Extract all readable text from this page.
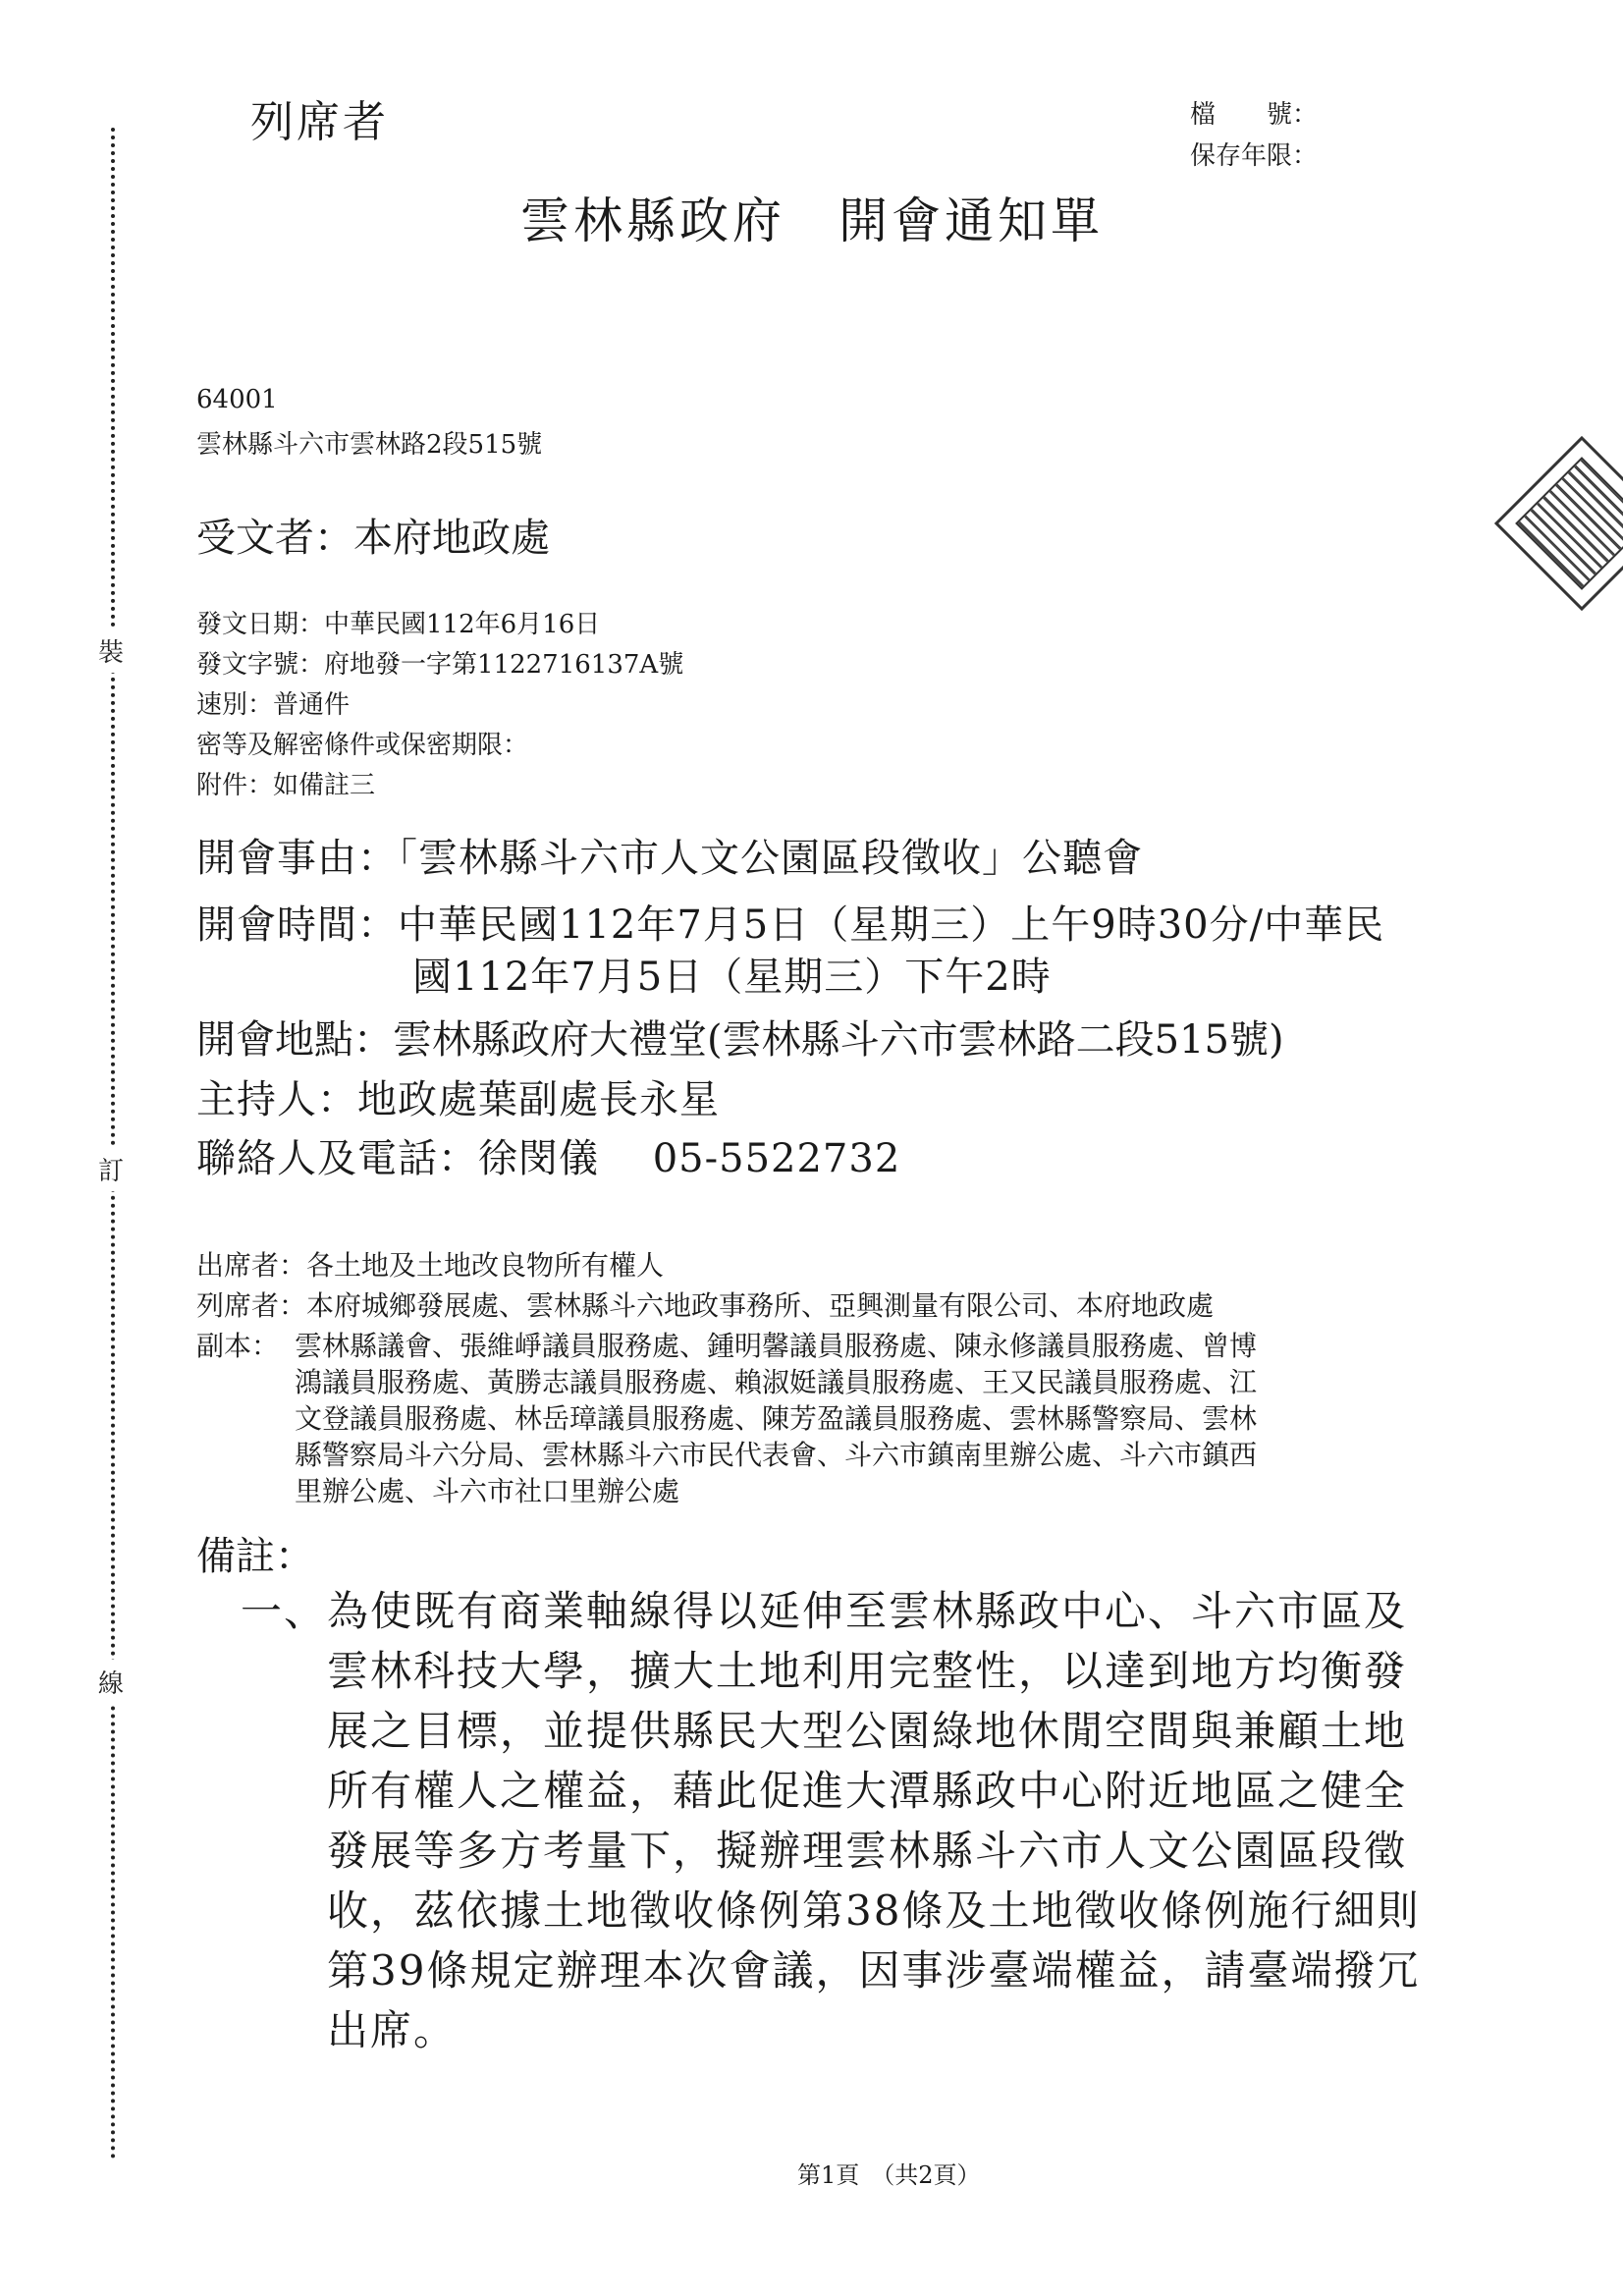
裝
訂
線
列席者	檔　　號：
保存年限：
雲林縣政府　開會通知單
64001
雲林縣斗六市雲林路2段515號
受文者：本府地政處
發文日期：中華民國112年6月16日
發文字號：府地發一字第1122716137A號
速別：普通件
密等及解密條件或保密期限：
附件：如備註三
開會事由：「雲林縣斗六市人文公園區段徵收」公聽會
開會時間：中華民國112年7月5日（星期三）上午9時30分/中華民
國112年7月5日（星期三）下午2時
開會地點：雲林縣政府大禮堂(雲林縣斗六市雲林路二段515號)
主持人：地政處葉副處長永星
聯絡人及電話：徐閔儀　 05-5522732
出席者：各土地及土地改良物所有權人
列席者：本府城鄉發展處、雲林縣斗六地政事務所、亞興測量有限公司、本府地政處
副本： 雲林縣議會、張維崢議員服務處、鍾明馨議員服務處、陳永修議員服務處、曾博
鴻議員服務處、黃勝志議員服務處、賴淑娗議員服務處、王又民議員服務處、江
文登議員服務處、林岳璋議員服務處、陳芳盈議員服務處、雲林縣警察局、雲林
縣警察局斗六分局、雲林縣斗六市民代表會、斗六市鎮南里辦公處、斗六市鎮西
里辦公處、斗六市社口里辦公處
備註：
一、 為使既有商業軸線得以延伸至雲林縣政中心、斗六市區及
雲林科技大學，擴大土地利用完整性，以達到地方均衡發
展之目標，並提供縣民大型公園綠地休閒空間與兼顧土地
所有權人之權益，藉此促進大潭縣政中心附近地區之健全
發展等多方考量下，擬辦理雲林縣斗六市人文公園區段徵
收，茲依據土地徵收條例第38條及土地徵收條例施行細則
第39條規定辦理本次會議，因事涉臺端權益，請臺端撥冗
出席。
第1頁　（共2頁）
